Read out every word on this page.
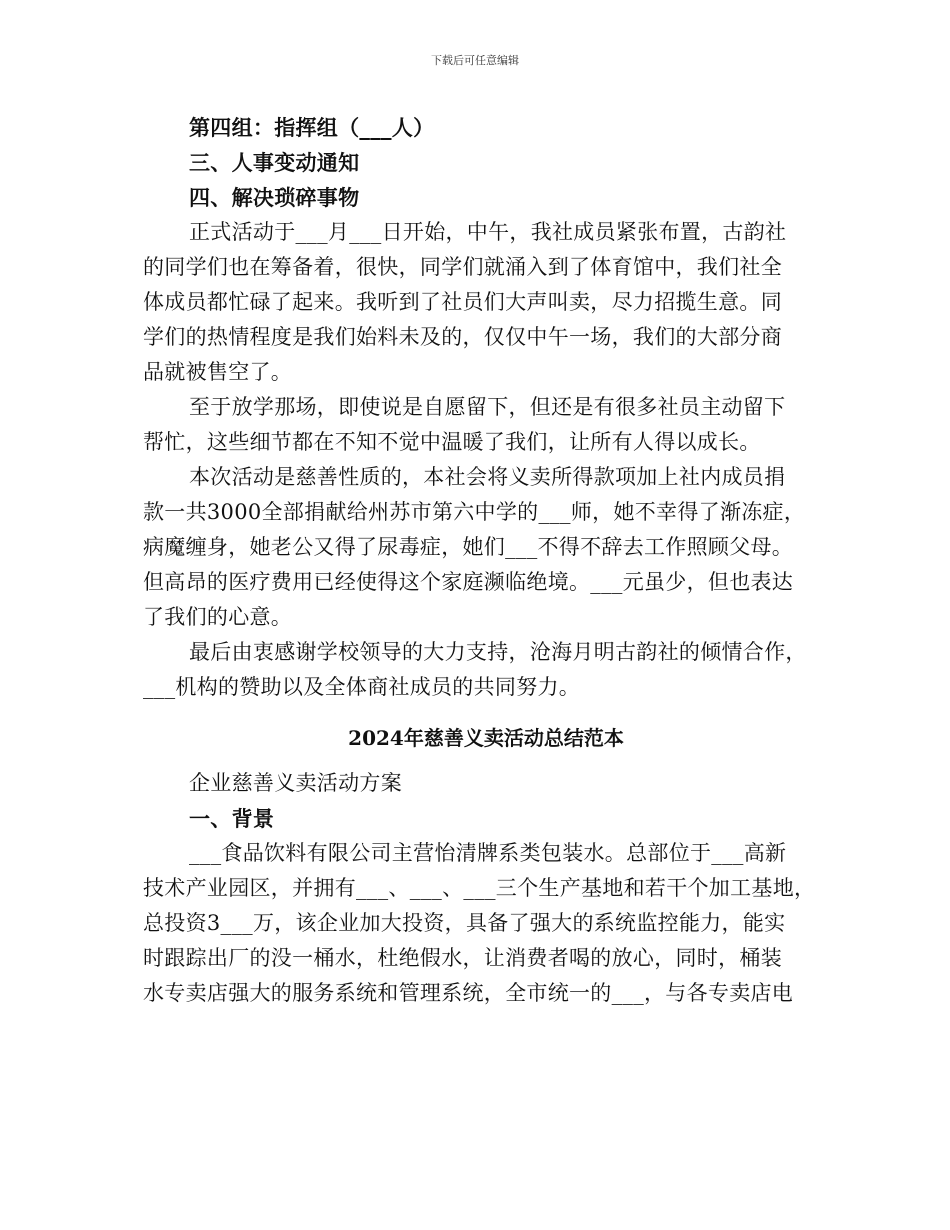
下载后可任意编辑
第四组：指挥组（___人）
三、人事变动通知
四、解决琐碎事物
正式活动于___月___日开始，中午，我社成员紧张布置，古韵社
的同学们也在筹备着，很快，同学们就涌入到了体育馆中，我们社全
体成员都忙碌了起来。我听到了社员们大声叫卖，尽力招揽生意。同
学们的热情程度是我们始料未及的，仅仅中午一场，我们的大部分商
品就被售空了。
至于放学那场，即使说是自愿留下，但还是有很多社员主动留下
帮忙，这些细节都在不知不觉中温暖了我们，让所有人得以成长。
本次活动是慈善性质的，本社会将义卖所得款项加上社内成员捐
款一共3000全部捐献给州苏市第六中学的___师，她不幸得了渐冻症，
病魔缠身，她老公又得了尿毒症，她们___不得不辞去工作照顾父母。
但高昂的医疗费用已经使得这个家庭濒临绝境。___元虽少，但也表达
了我们的心意。
最后由衷感谢学校领导的大力支持，沧海月明古韵社的倾情合作，
___机构的赞助以及全体商社成员的共同努力。
2024年慈善义卖活动总结范本
企业慈善义卖活动方案
一、背景
___食品饮料有限公司主营怡清牌系类包装水。总部位于___高新
技术产业园区，并拥有___、___、___三个生产基地和若干个加工基地，
总投资3___万，该企业加大投资，具备了强大的系统监控能力，能实
时跟踪出厂的没一桶水，杜绝假水，让消费者喝的放心，同时，桶装
水专卖店强大的服务系统和管理系统，全市统一的___，与各专卖店电
